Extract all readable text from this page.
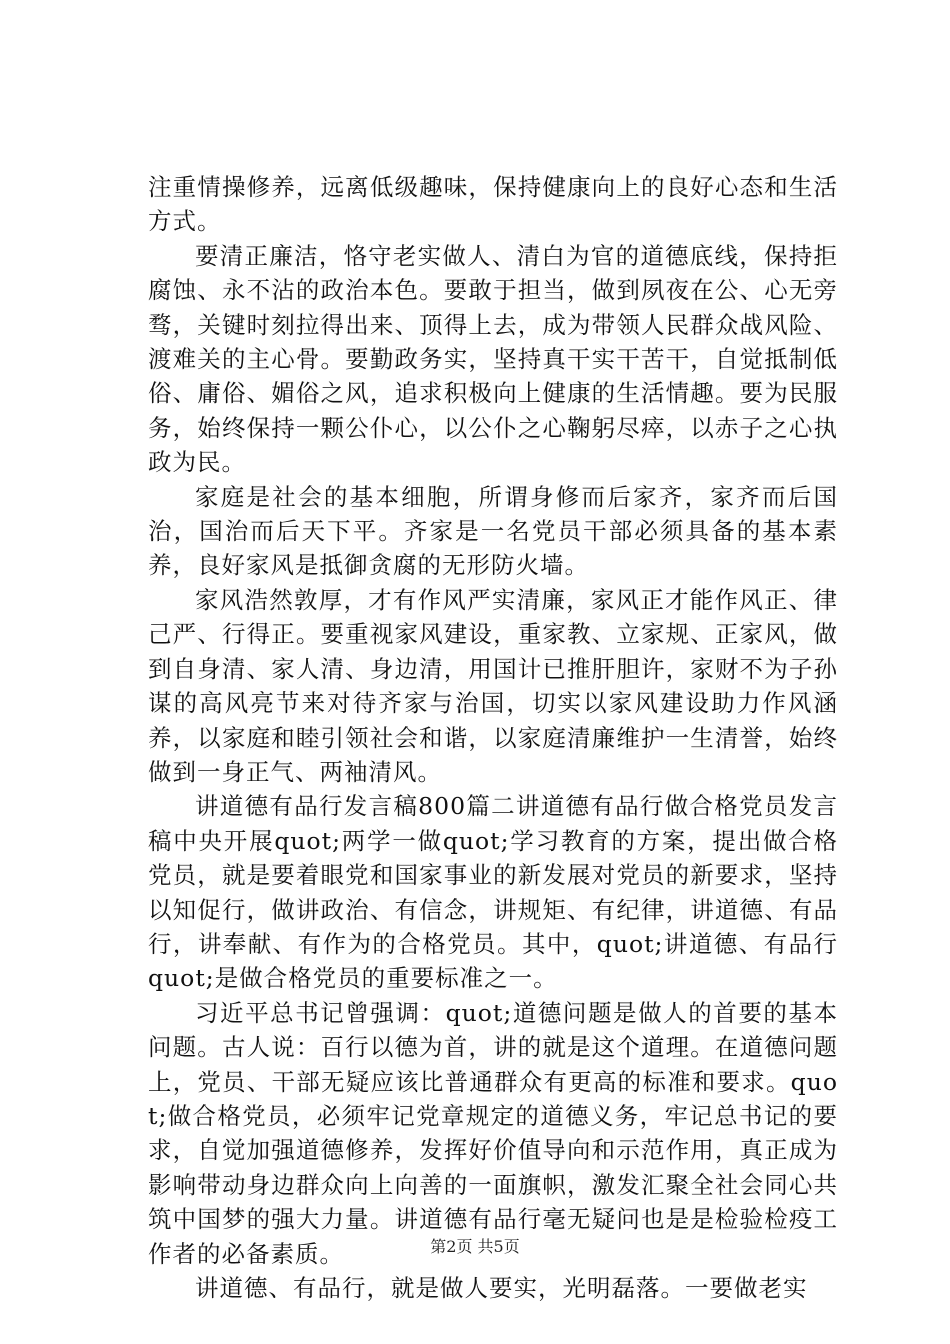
注重情操修养，远离低级趣味，保持健康向上的良好心态和生活方式。

要清正廉洁，恪守老实做人、清白为官的道德底线，保持拒腐蚀、永不沾的政治本色。要敢于担当，做到夙夜在公、心无旁骛，关键时刻拉得出来、顶得上去，成为带领人民群众战风险、渡难关的主心骨。要勤政务实，坚持真干实干苦干，自觉抵制低俗、庸俗、媚俗之风，追求积极向上健康的生活情趣。要为民服务，始终保持一颗公仆心，以公仆之心鞠躬尽瘁，以赤子之心执政为民。

家庭是社会的基本细胞，所谓身修而后家齐，家齐而后国治，国治而后天下平。齐家是一名党员干部必须具备的基本素养，良好家风是抵御贪腐的无形防火墙。

家风浩然敦厚，才有作风严实清廉，家风正才能作风正、律己严、行得正。要重视家风建设，重家教、立家规、正家风，做到自身清、家人清、身边清，用国计已推肝胆许，家财不为子孙谋的高风亮节来对待齐家与治国，切实以家风建设助力作风涵养，以家庭和睦引领社会和谐，以家庭清廉维护一生清誉，始终做到一身正气、两袖清风。

讲道德有品行发言稿800篇二讲道德有品行做合格党员发言稿中央开展quot;两学一做quot;学习教育的方案，提出做合格党员，就是要着眼党和国家事业的新发展对党员的新要求，坚持以知促行，做讲政治、有信念，讲规矩、有纪律，讲道德、有品行，讲奉献、有作为的合格党员。其中，quot;讲道德、有品行quot;是做合格党员的重要标准之一。

习近平总书记曾强调：quot;道德问题是做人的首要的基本问题。古人说：百行以德为首，讲的就是这个道理。在道德问题上，党员、干部无疑应该比普通群众有更高的标准和要求。quot;做合格党员，必须牢记党章规定的道德义务，牢记总书记的要求，自觉加强道德修养，发挥好价值导向和示范作用，真正成为影响带动身边群众向上向善的一面旗帜，激发汇聚全社会同心共筑中国梦的强大力量。讲道德有品行毫无疑问也是是检验检疫工作者的必备素质。

讲道德、有品行，就是做人要实，光明磊落。一要做老实

第2页 共5页
